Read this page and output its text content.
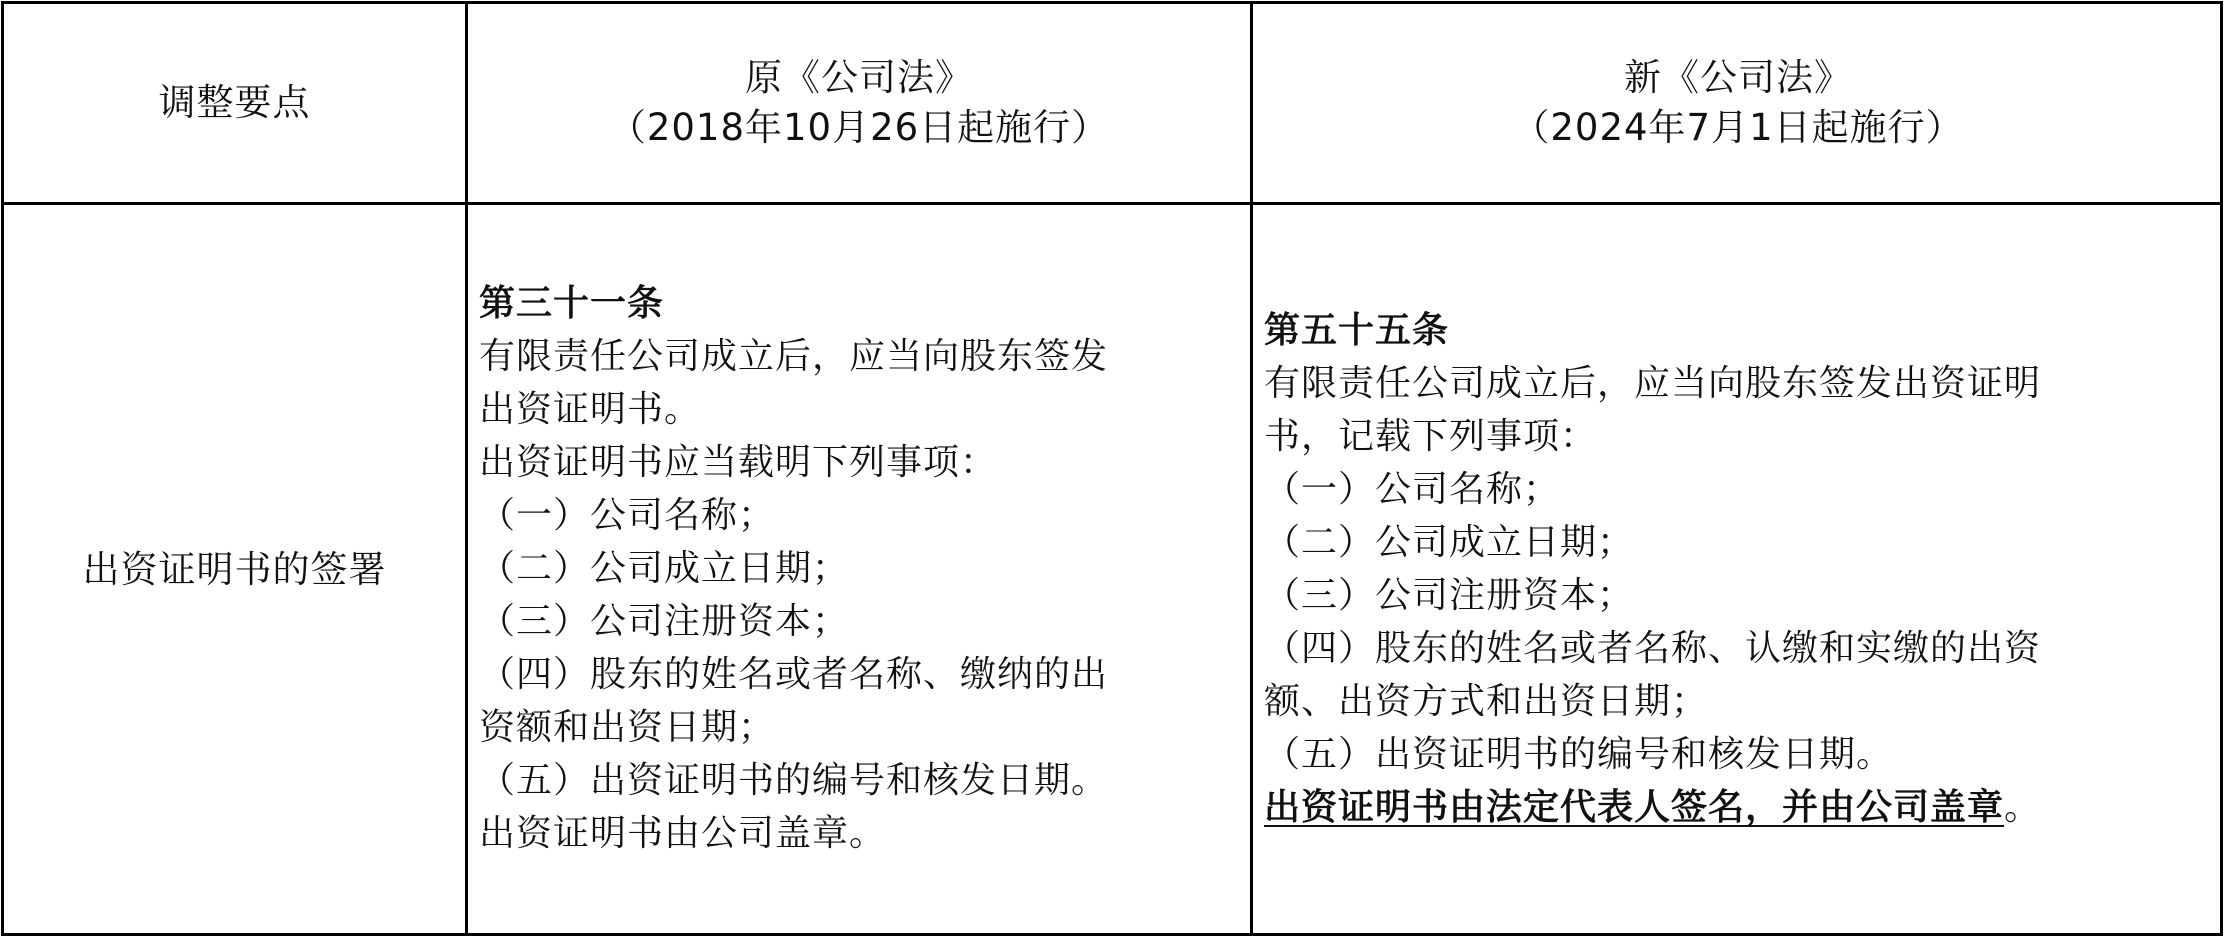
调整要点
原《公司法》
（2018年10月26日起施行）
新《公司法》
（2024年7月1日起施行）
出资证明书的签署
第三十一条
有限责任公司成立后，应当向股东签发
出资证明书。
出资证明书应当载明下列事项：
（一）公司名称；
（二）公司成立日期；
（三）公司注册资本；
（四）股东的姓名或者名称、缴纳的出
资额和出资日期；
（五）出资证明书的编号和核发日期。
出资证明书由公司盖章。
第五十五条
有限责任公司成立后，应当向股东签发出资证明
书，记载下列事项：
（一）公司名称；
（二）公司成立日期；
（三）公司注册资本；
（四）股东的姓名或者名称、认缴和实缴的出资
额、出资方式和出资日期；
（五）出资证明书的编号和核发日期。
出资证明书由法定代表人签名，并由公司盖章。
